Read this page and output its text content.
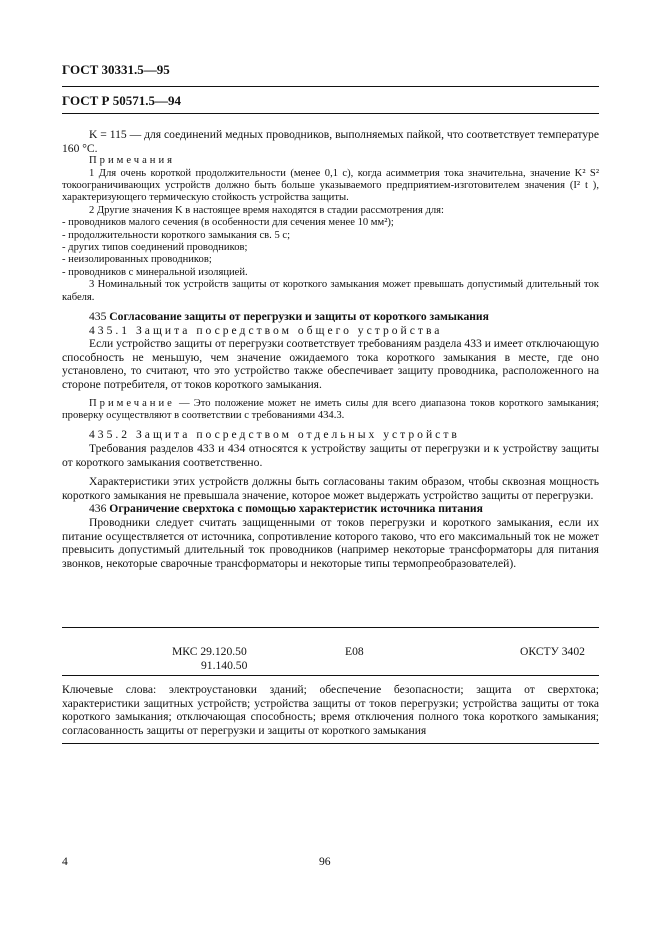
ГОСТ 30331.5—95
ГОСТ Р 50571.5—94

K = 115 — для соединений медных проводников, выполняемых пайкой, что соответствует температуре 160 °С.

Примечания

1 Для очень короткой продолжительности (менее 0,1 с), когда асимметрия тока значительна, значение K² S² токоограничивающих устройств должно быть больше указываемого предприятием-изготовителем значения (I² t ), характеризующего термическую стойкость устройства защиты.

2 Другие значения K в настоящее время находятся в стадии рассмотрения для:

- проводников малого сечения (в особенности для сечения менее 10 мм²);

- продолжительности короткого замыкания св. 5 с;

- других типов соединений проводников;

- неизолированных проводников;

- проводников с минеральной изоляцией.

3 Номинальный ток устройств защиты от короткого замыкания может превышать допустимый длительный ток кабеля.

435 Согласование защиты от перегрузки и защиты от короткого замыкания

435.1 Защита посредством общего устройства

Если устройство защиты от перегрузки соответствует требованиям раздела 433 и имеет отключающую способность не меньшую, чем значение ожидаемого тока короткого замыкания в месте, где оно установлено, то считают, что это устройство также обеспечивает защиту проводника, расположенного на стороне потребителя, от токов короткого замыкания.

Примечание — Это положение может не иметь силы для всего диапазона токов короткого замыкания; проверку осуществляют в соответствии с требованиями 434.3.

435.2 Защита посредством отдельных устройств

Требования разделов 433 и 434 относятся к устройству защиты от перегрузки и к устройству защиты от короткого замыкания соответственно.

Характеристики этих устройств должны быть согласованы таким образом, чтобы сквозная мощность короткого замыкания не превышала значение, которое может выдержать устройство защиты от перегрузки.

436 Ограничение сверхтока с помощью характеристик источника питания

Проводники следует считать защищенными от токов перегрузки и короткого замыкания, если их питание осуществляется от источника, сопротивление которого таково, что его максимальный ток не может превысить допустимый длительный ток проводников (например некоторые трансформаторы для питания звонков, некоторые сварочные трансформаторы и некоторые типы термопреобразователей).

МКС 29.120.50
91.140.50
Е08	ОКСТУ 3402

Ключевые слова: электроустановки зданий; обеспечение безопасности; защита от сверхтока; характеристики защитных устройств; устройства защиты от токов перегрузки; устройства защиты от тока короткого замыкания; отключающая способность; время отключения полного тока короткого замыкания; согласованность защиты от перегрузки и защиты от короткого замыкания

4	96
